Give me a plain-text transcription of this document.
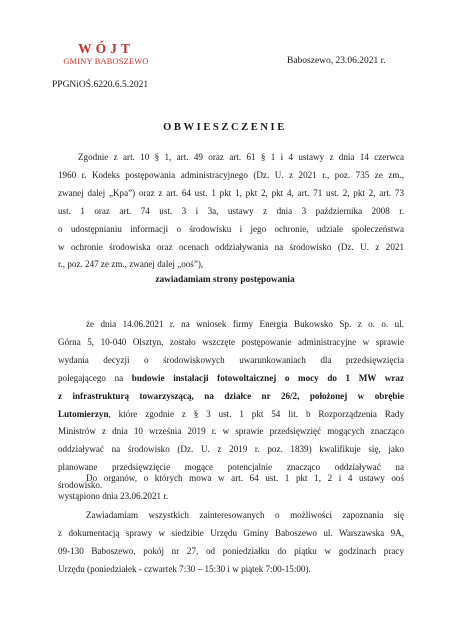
WÓJT
GMINY BABOSZEWO	Baboszewo, 23.06.2021 r.
PPGNiOŚ.6220.6.5.2021
OBWIESZCZENIE
Zgodnie z art. 10 § 1, art. 49 oraz art. 61 § 1 i 4 ustawy z dnia 14 czerwca
1960 r. Kodeks postępowania administracyjnego (Dz. U. z 2021 r., poz. 735 ze zm.,
zwanej dalej „Kpa”) oraz z art. 64 ust. 1 pkt 1, pkt 2, pkt 4, art. 71 ust. 2, pkt 2, art. 73
ust. 1 oraz art. 74 ust. 3 i 3a, ustawy z dnia 3 października 2008 r.
o udostępnianiu informacji o środowisku i jego ochronie, udziale społeczeństwa
w ochronie środowiska oraz ocenach oddziaływania na środowisko (Dz. U. z 2021
r., poz. 247 ze zm., zwanej dalej „ooś”),
zawiadamiam strony postępowania
że dnia 14.06.2021 r. na wniosek firmy Energia Bukowsko Sp. z o. o. ul.
Górna 5, 10-040 Olsztyn, zostało wszczęte postępowanie administracyjne w sprawie
wydania decyzji o środowiskowych uwarunkowaniach dla przedsięwzięcia
polegającego na budowie instalacji fotowoltaicznej o mocy do 1 MW wraz
z infrastrukturą towarzyszącą, na działce nr 26/2, położonej w obrębie
Lutomierzyn, które zgodnie z § 3 ust. 1 pkt 54 lit. b Rozporządzenia Rady
Ministrów z dnia 10 września 2019 r. w sprawie przedsięwzięć mogących znacząco
oddziaływać na środowisko (Dz. U. z 2019 r. poz. 1839) kwalifikuje się, jako
planowane przedsięwzięcie mogące potencjalnie znacząco oddziaływać na
środowisko.
Do organów, o których mowa w art. 64 ust. 1 pkt 1, 2 i 4 ustawy ooś
wystąpiono dnia 23.06.2021 r.
Zawiadamiam wszystkich zainteresowanych o możliwości zapoznania się
z dokumentacją sprawy w siedzibie Urzędu Gminy Baboszewo ul. Warszawska 9A,
09-130 Baboszewo, pokój nr 27, od poniedziałku do piątku w godzinach pracy
Urzędu (poniedziałek - czwartek 7:30 – 15:30 i w piątek 7:00-15:00).
